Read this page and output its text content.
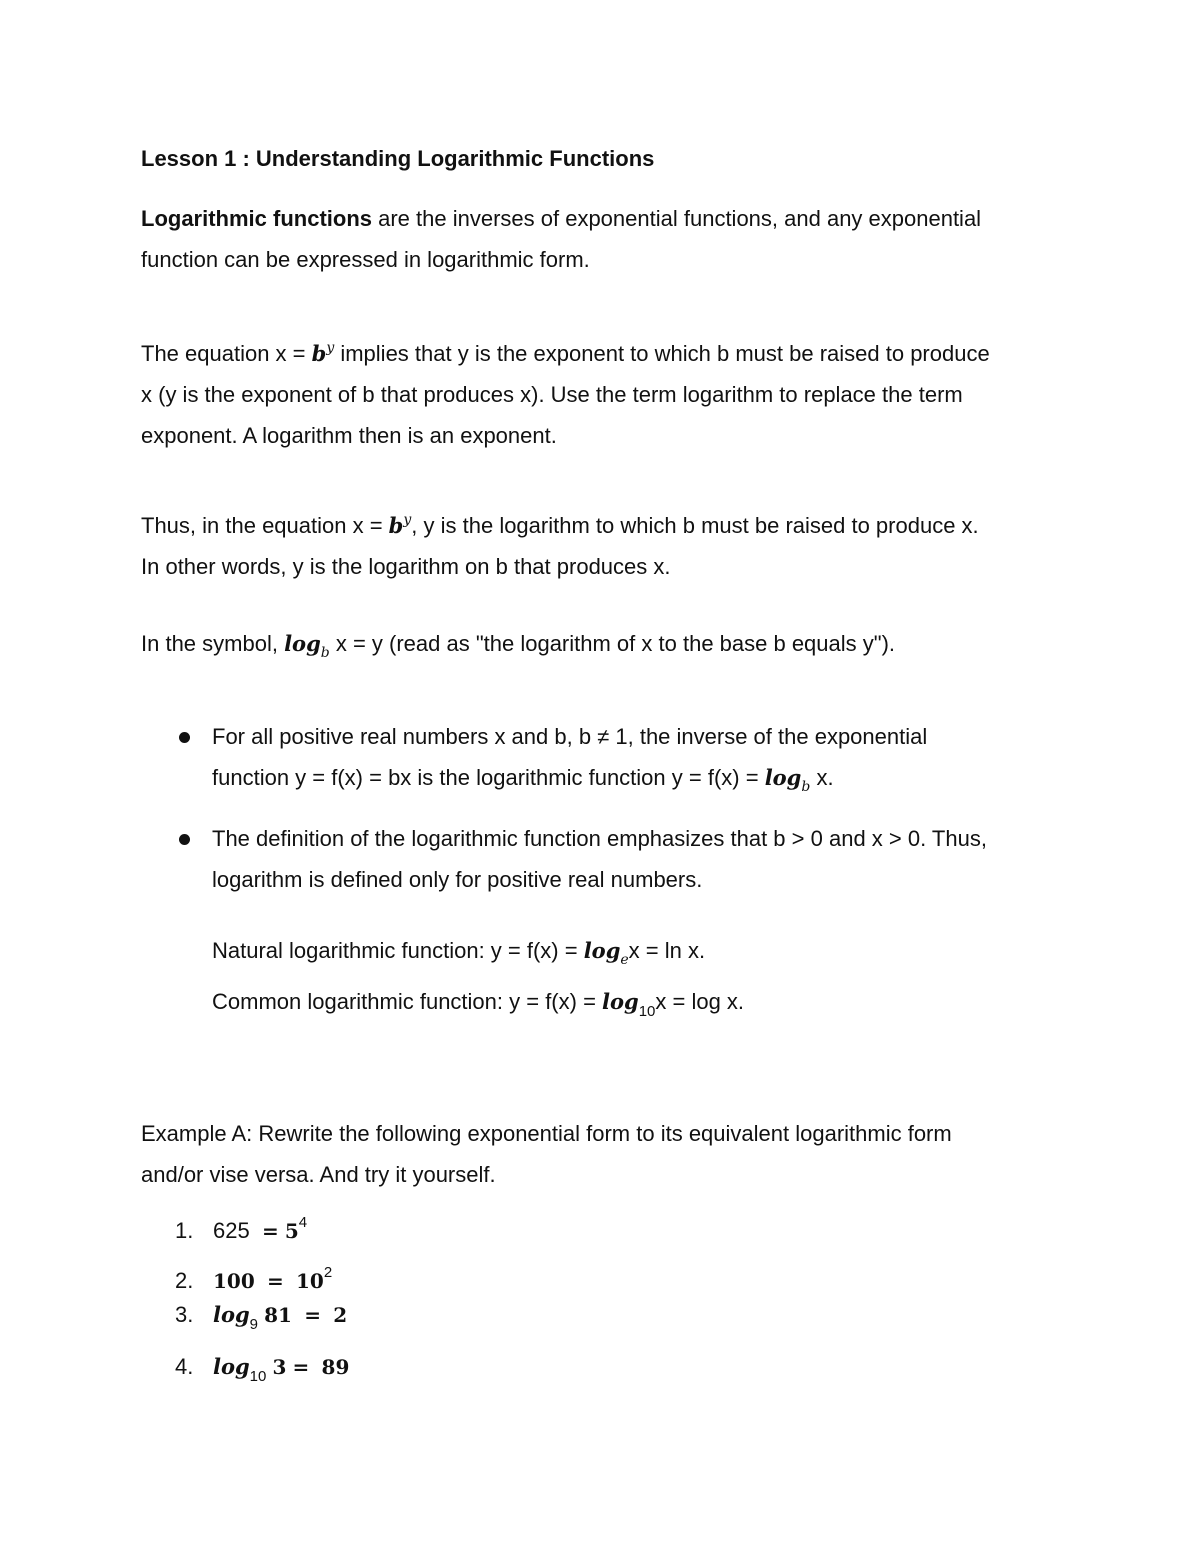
Lesson 1 : Understanding Logarithmic Functions
Logarithmic functions are the inverses of exponential functions, and any exponential
function can be expressed in logarithmic form.
The equation $x = b^y$ implies that y is the exponent to which b must be raised to produce
x (y is the exponent of b that produces x). Use the term logarithm to replace the term
exponent. A logarithm then is an exponent.
Thus, in the equation $x = b^y$, y is the logarithm to which b must be raised to produce x.
In other words, y is the logarithm on b that produces x.
In the symbol, $\log_b x = y$ (read as "the logarithm of x to the base b equals y").
For all positive real numbers x and b, b ≠ 1, the inverse of the exponential
function y = f(x) = bx is the logarithmic function $y = f(x) = \log_b x$.
The definition of the logarithmic function emphasizes that b > 0 and x > 0. Thus,
logarithm is defined only for positive real numbers.
Natural logarithmic function: $y = f(x) = \log_ex = \ln x$.
Common logarithmic function: $y = f(x) = \log_{10}x = \log x$.
Example A: Rewrite the following exponential form to its equivalent logarithmic form
and/or vise versa. And try it yourself.
1. $625 = 5^4$
2. $100 = 10^2$
3. $\log_9 81 = 2$
4. $\log_{10} 3 = 89$
